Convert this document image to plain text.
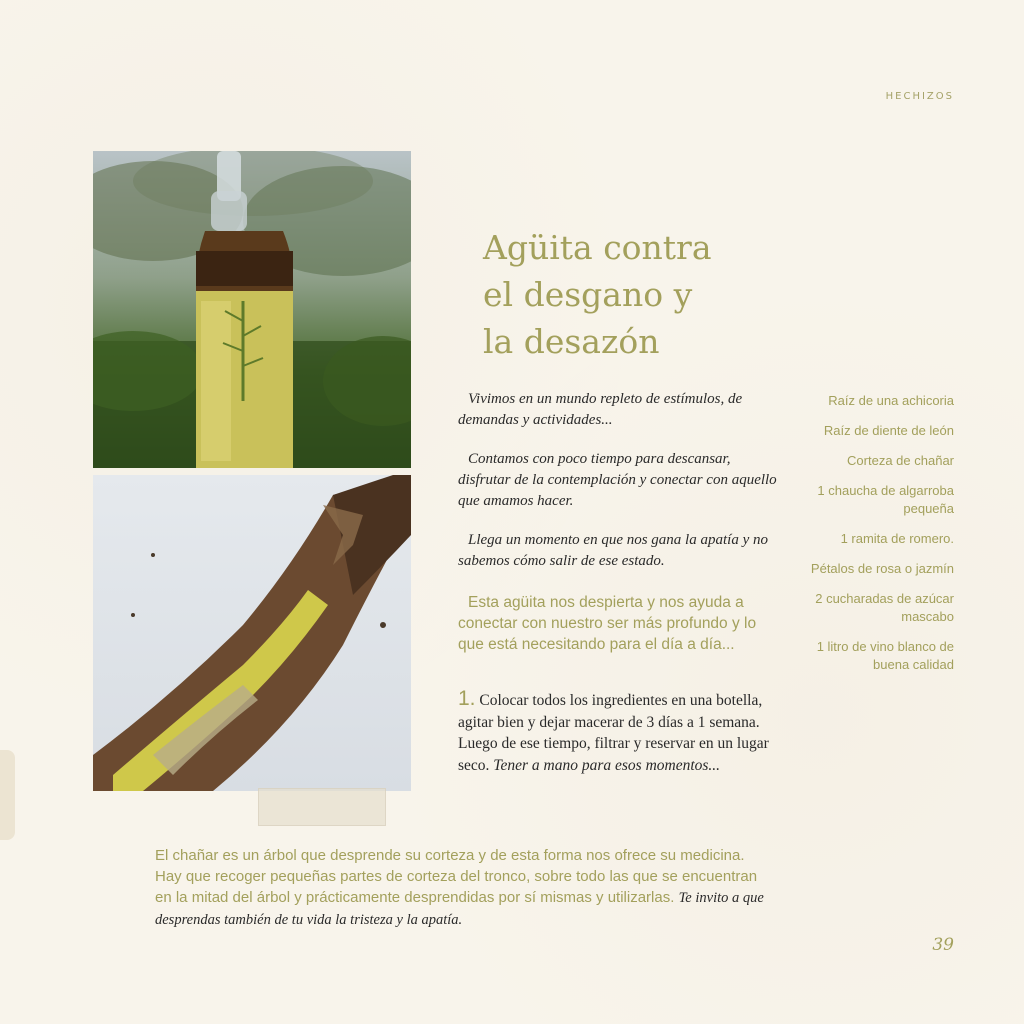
HECHIZOS
Agüita contra
el desgano y
la desazón

Vivimos en un mundo repleto de estímulos, de demandas y actividades...

Contamos con poco tiempo para descansar, disfrutar de la contemplación y conectar con aquello que amamos hacer.

Llega un momento en que nos gana la apatía y no sabemos cómo salir de ese estado.

Esta agüita nos despierta y nos ayuda a conectar con nuestro ser más profundo y lo que está necesitando para el día a día...

1. Colocar todos los ingredientes en una botella, agitar bien y dejar macerar de 3 días a 1 semana. Luego de ese tiempo, filtrar y reservar en un lugar seco. Tener a mano para esos momentos...

Raíz de una achicoria
Raíz de diente de león
Corteza de chañar
1 chaucha de algarroba pequeña
1 ramita de romero.
Pétalos de rosa o jazmín
2 cucharadas de azúcar mascabo
1 litro de vino blanco de buena calidad

El chañar es un árbol que desprende su corteza y de esta forma nos ofrece su medicina. Hay que recoger pequeñas partes de corteza del tronco, sobre todo las que se encuentran en la mitad del árbol y prácticamente desprendidas por sí mismas y utilizarlas. Te invito a que desprendas también de tu vida la tristeza y la apatía.

39
